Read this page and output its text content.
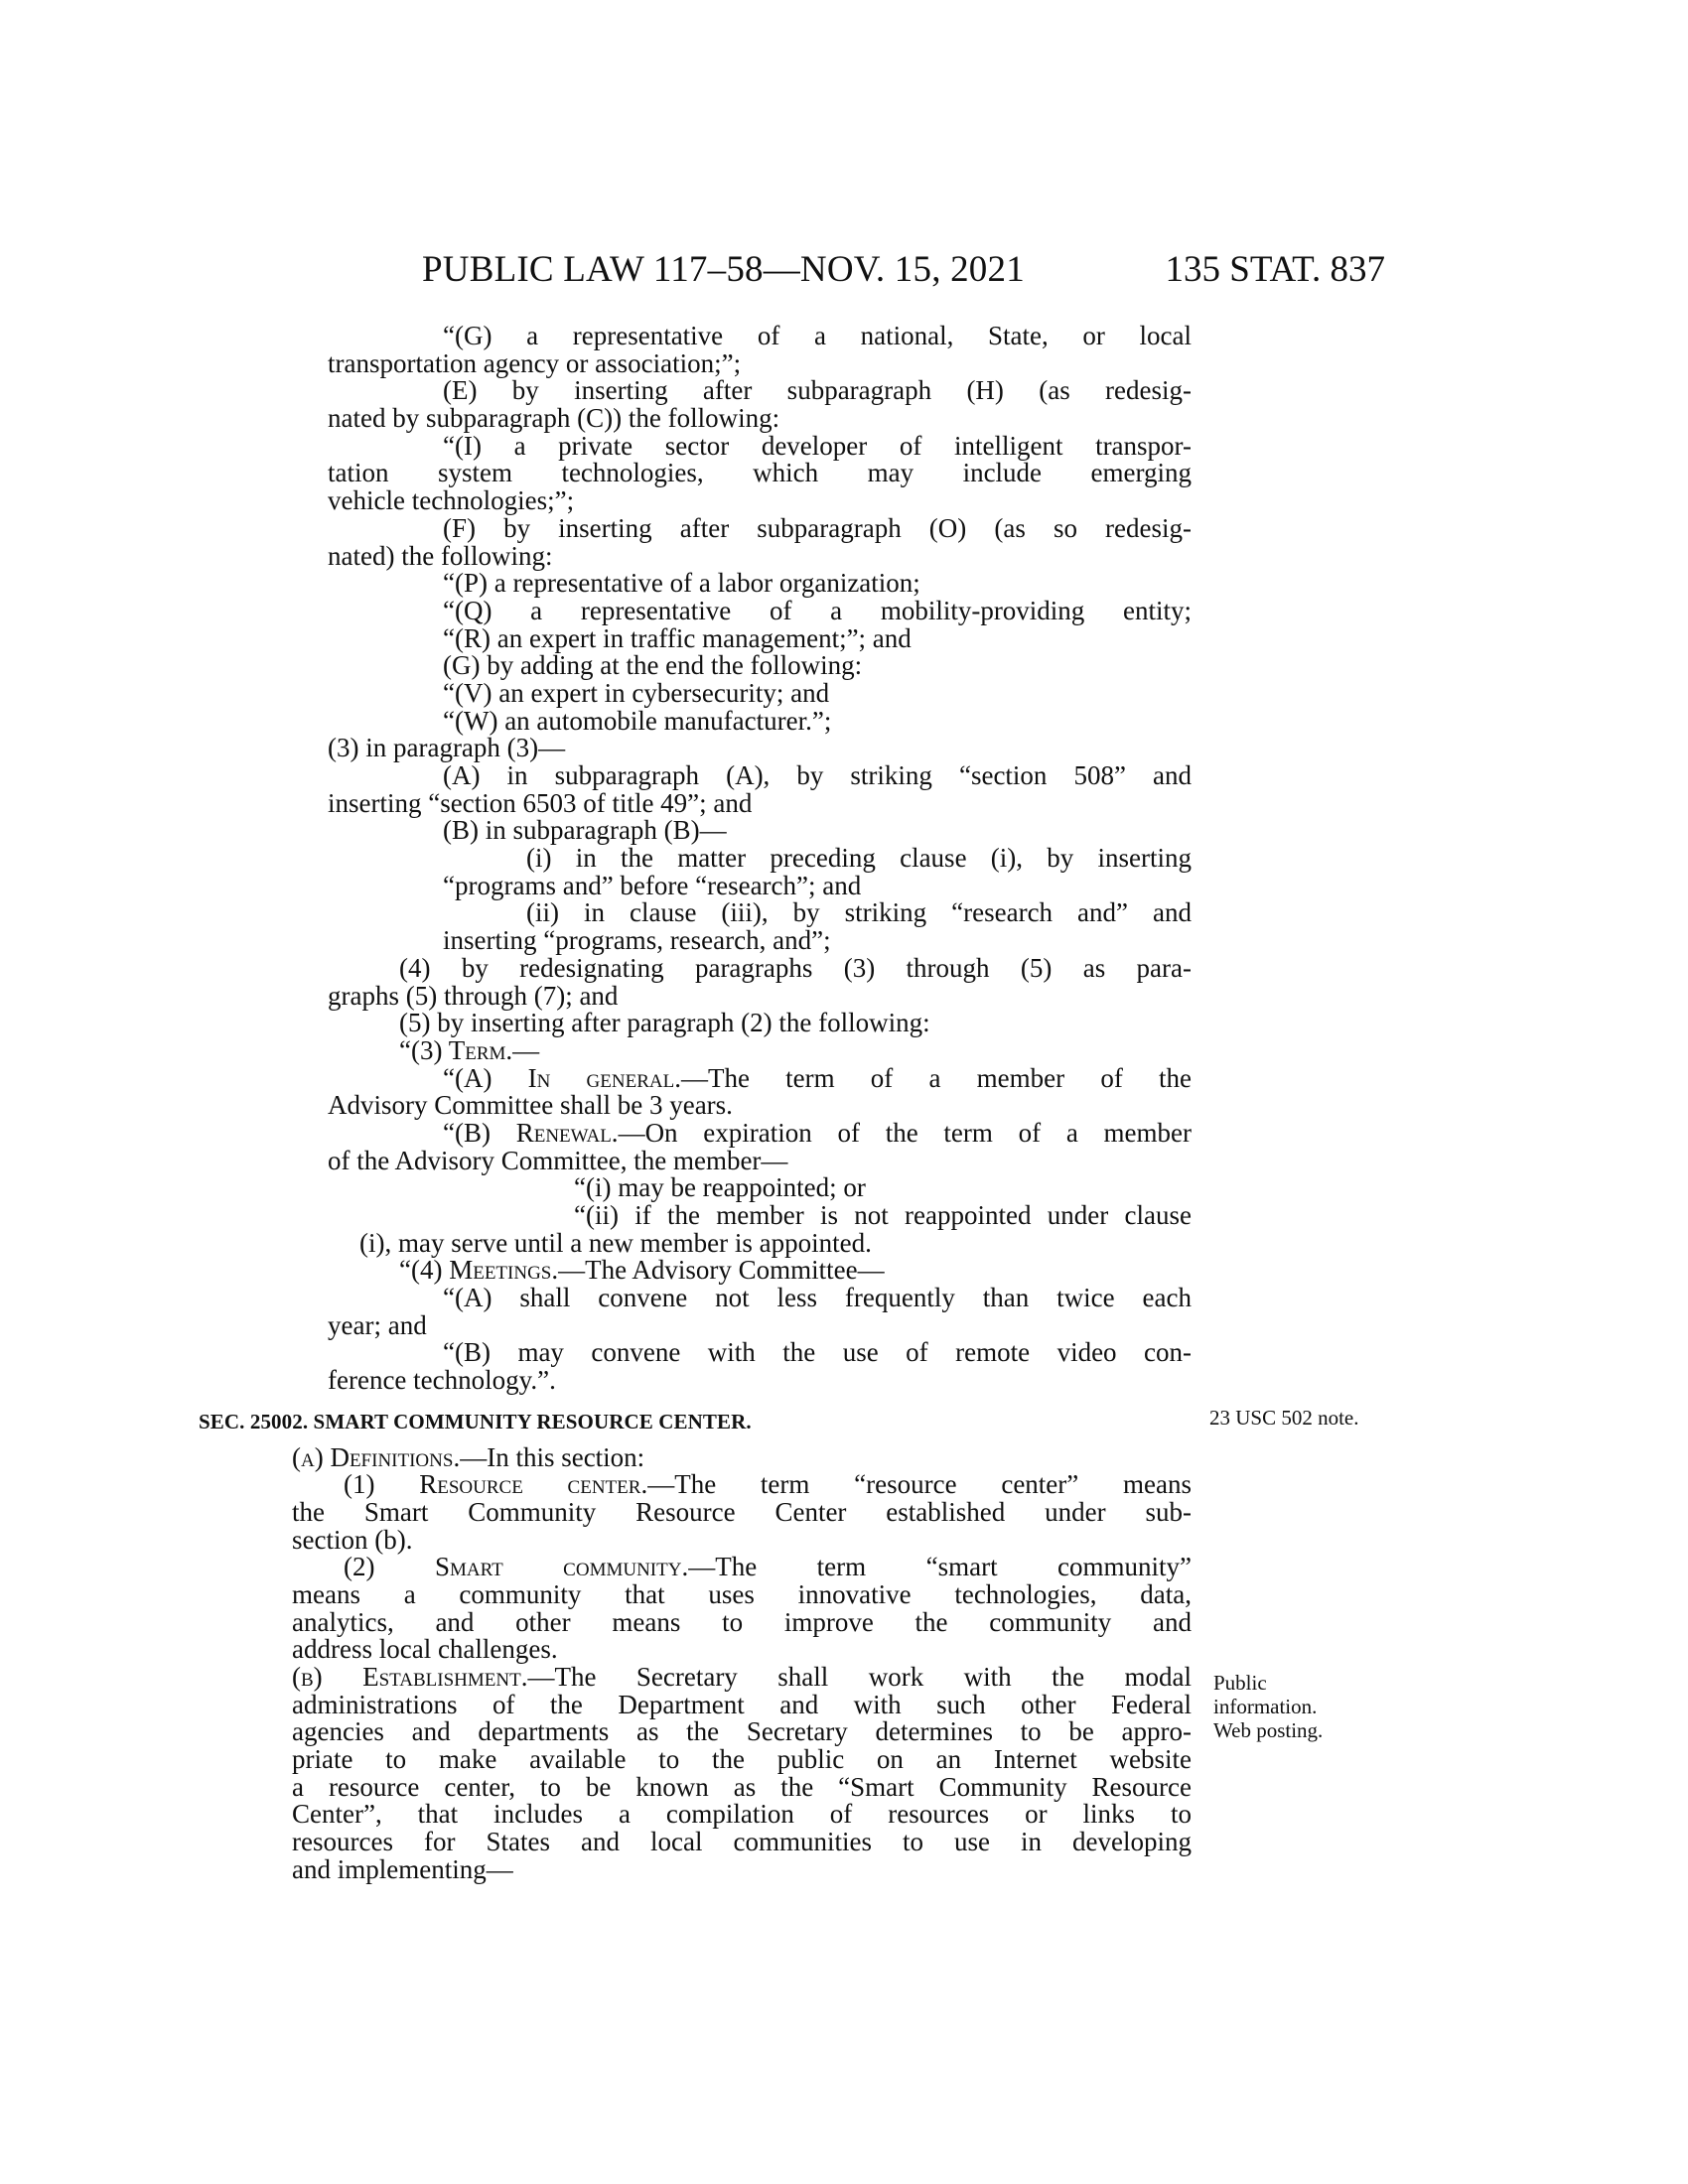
PUBLIC LAW 117–58—NOV. 15, 2021	135 STAT. 837
“(G) a representative of a national, State, or local
transportation agency or association;”;
(E) by inserting after subparagraph (H) (as redesig-
nated by subparagraph (C)) the following:
“(I) a private sector developer of intelligent transpor-
tation system technologies, which may include emerging
vehicle technologies;”;
(F) by inserting after subparagraph (O) (as so redesig-
nated) the following:
“(P) a representative of a labor organization;
“(Q) a representative of a mobility-providing entity;
“(R) an expert in traffic management;”; and
(G) by adding at the end the following:
“(V) an expert in cybersecurity; and
“(W) an automobile manufacturer.”;
(3) in paragraph (3)—
(A) in subparagraph (A), by striking “section 508” and
inserting “section 6503 of title 49”; and
(B) in subparagraph (B)—
(i) in the matter preceding clause (i), by inserting
“programs and” before “research”; and
(ii) in clause (iii), by striking “research and” and
inserting “programs, research, and”;
(4) by redesignating paragraphs (3) through (5) as para-
graphs (5) through (7); and
(5) by inserting after paragraph (2) the following:
“(3) Term.—
“(A) In general.—The term of a member of the
Advisory Committee shall be 3 years.
“(B) Renewal.—On expiration of the term of a member
of the Advisory Committee, the member—
“(i) may be reappointed; or
“(ii) if the member is not reappointed under clause
(i), may serve until a new member is appointed.
“(4) Meetings.—The Advisory Committee—
“(A) shall convene not less frequently than twice each
year; and
“(B) may convene with the use of remote video con-
ference technology.”.
SEC. 25002. SMART COMMUNITY RESOURCE CENTER.
(a) Definitions.—In this section:
(1) Resource center.—The term “resource center” means
the Smart Community Resource Center established under sub-
section (b).
(2) Smart community.—The term “smart community”
means a community that uses innovative technologies, data,
analytics, and other means to improve the community and
address local challenges.
(b) Establishment.—The Secretary shall work with the modal
administrations of the Department and with such other Federal
agencies and departments as the Secretary determines to be appro-
priate to make available to the public on an Internet website
a resource center, to be known as the “Smart Community Resource
Center”, that includes a compilation of resources or links to
resources for States and local communities to use in developing
and implementing—
23 USC 502 note.
Public
information.
Web posting.
